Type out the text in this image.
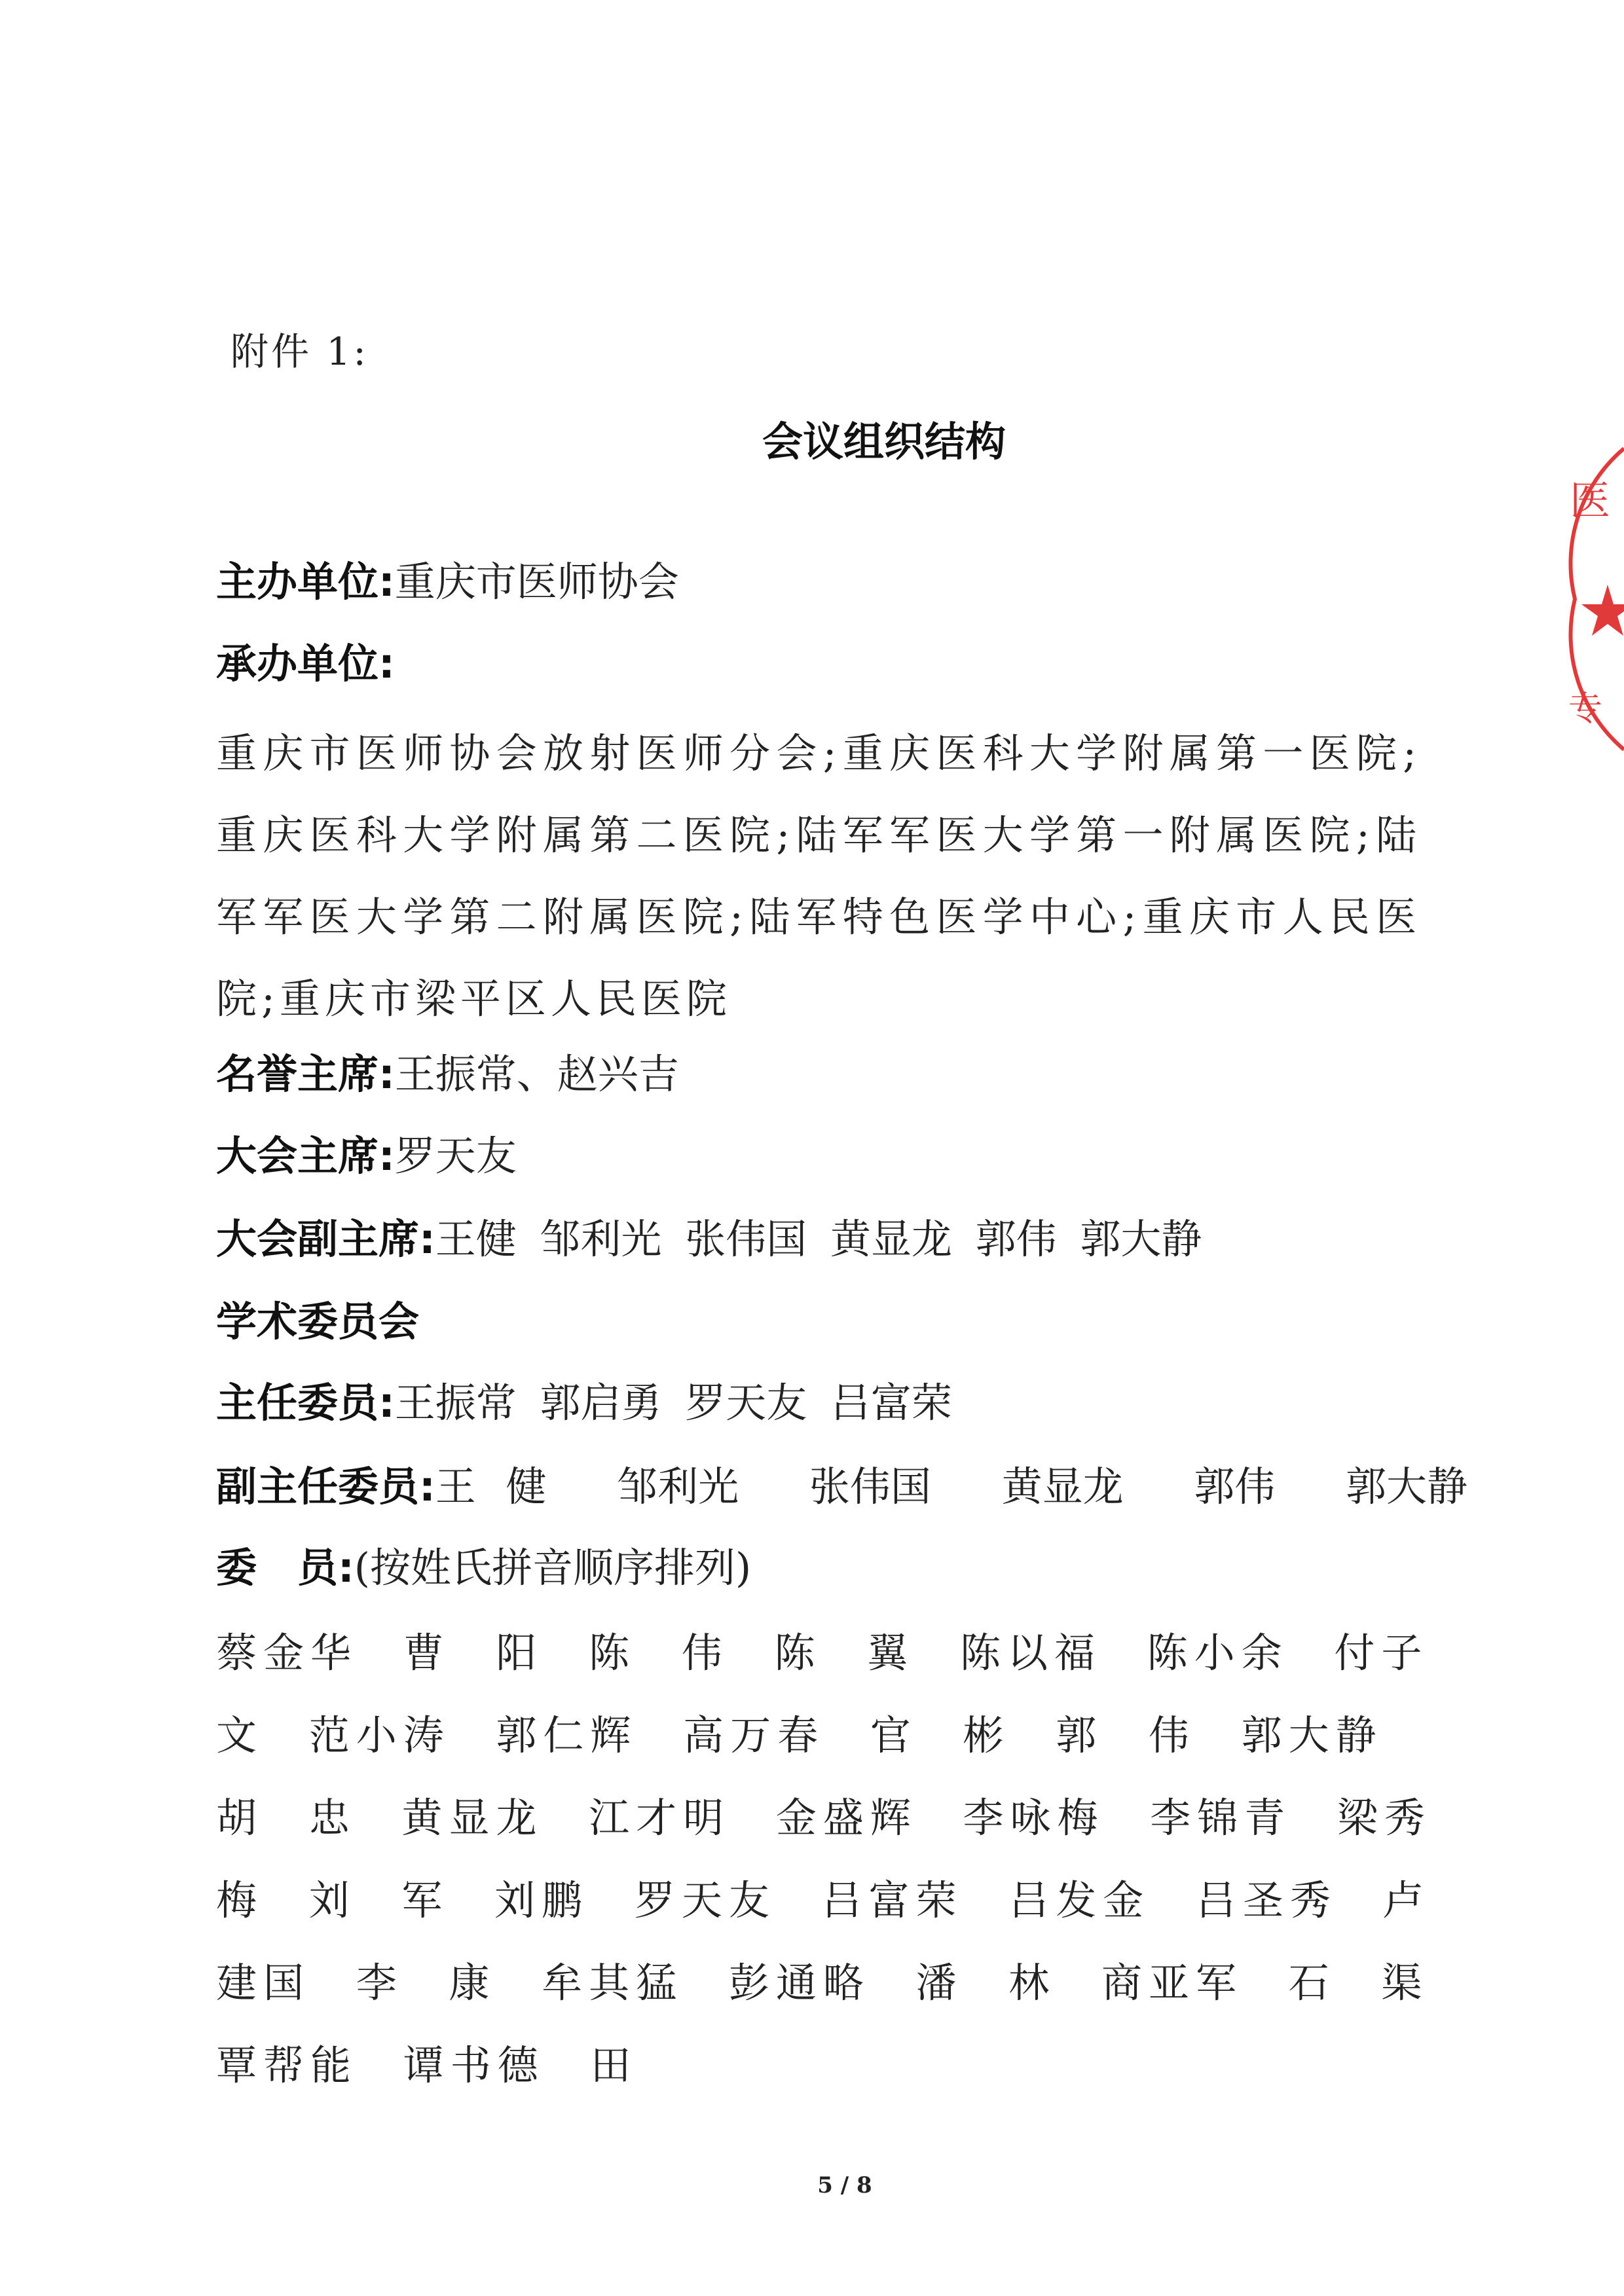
附件 1:
会议组织结构
主办单位:重庆市医师协会
承办单位:
重庆市医师协会放射医师分会;重庆医科大学附属第一医院;重庆医科大学附属第二医院;陆军军医大学第一附属医院;陆军军医大学第二附属医院;陆军特色医学中心;重庆市人民医院;重庆市梁平区人民医院
名誉主席:王振常、赵兴吉
大会主席:罗天友
大会副主席:王健 邹利光 张伟国 黄显龙 郭伟 郭大静
学术委员会
主任委员:王振常 郭启勇 罗天友 吕富荣
副主任委员:王 健　 邹利光　 张伟国　 黄显龙　 郭伟　 郭大静
委　员:(按姓氏拼音顺序排列)
蔡金华 曹 阳 陈 伟 陈 翼 陈以福 陈小余 付子文 范小涛 郭仁辉 高万春 官 彬 郭 伟 郭大静 胡 忠 黄显龙 江才明 金盛辉 李咏梅 李锦青 梁秀梅 刘 军 刘鹏 罗天友 吕富荣 吕发金 吕圣秀 卢建国 李 康 牟其猛 彭通略 潘 林 商亚军 石 渠 覃帮能 谭书德 田
5 / 8
医
专
